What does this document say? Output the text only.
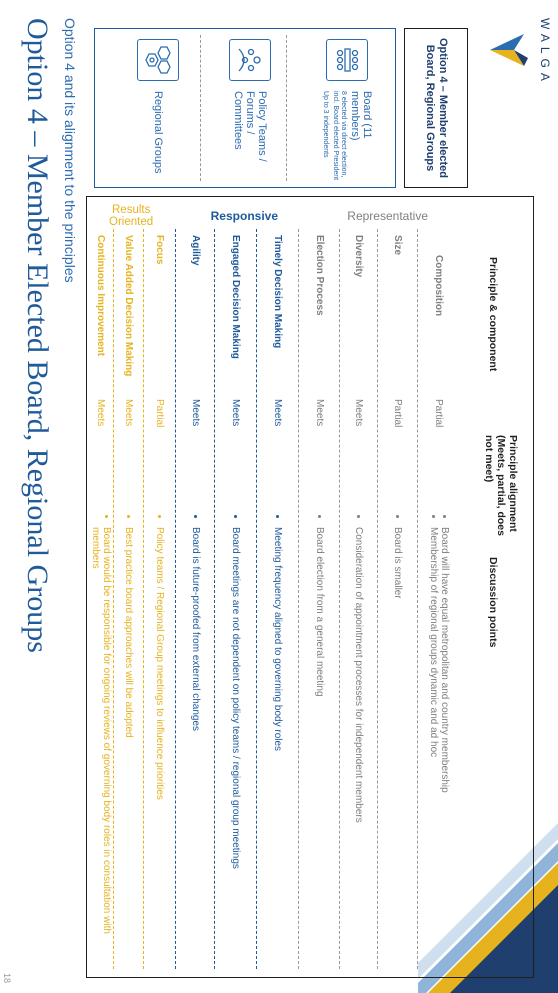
Option 4 – Member Elected Board, Regional Groups Option 4 and its alignment to the principles
18
WALGA
Option 4 – Member elected Board, Regional Groups
Board (11 members)
8 elected via direct election, incl. Board elected President
Up to 3 independents
Policy Teams / Forums / Committees
Regional Groups
Principle & component
Principle alignment (Meets, partial, does not meet)
Discussion points
Representative
Composition
Partial
• Board will have equal metropolitan and country membership
• Membership of regional groups dynamic and ad hoc
Size
Partial
• Board is smaller
Diversity
Meets
• Consideration of appointment processes for independent members
Election Process
Meets
• Board election from a general meeting
Responsive
Timely Decision Making
Meets
• Meeting frequency aligned to governing body roles
Engaged Decision Making
Meets
• Board meetings are not dependent on policy teams / regional group meetings
Agility
Meets
• Board is future-proofed from external changes
Results Oriented
Focus
Partial
• Policy teams / Regional Group meetings to influence priorities
Value Added Decision Making
Meets
• Best practice board approaches will be adopted
Continuous Improvement
Meets
• Board would be responsible for ongoing reviews of governing body roles in consultation with members
